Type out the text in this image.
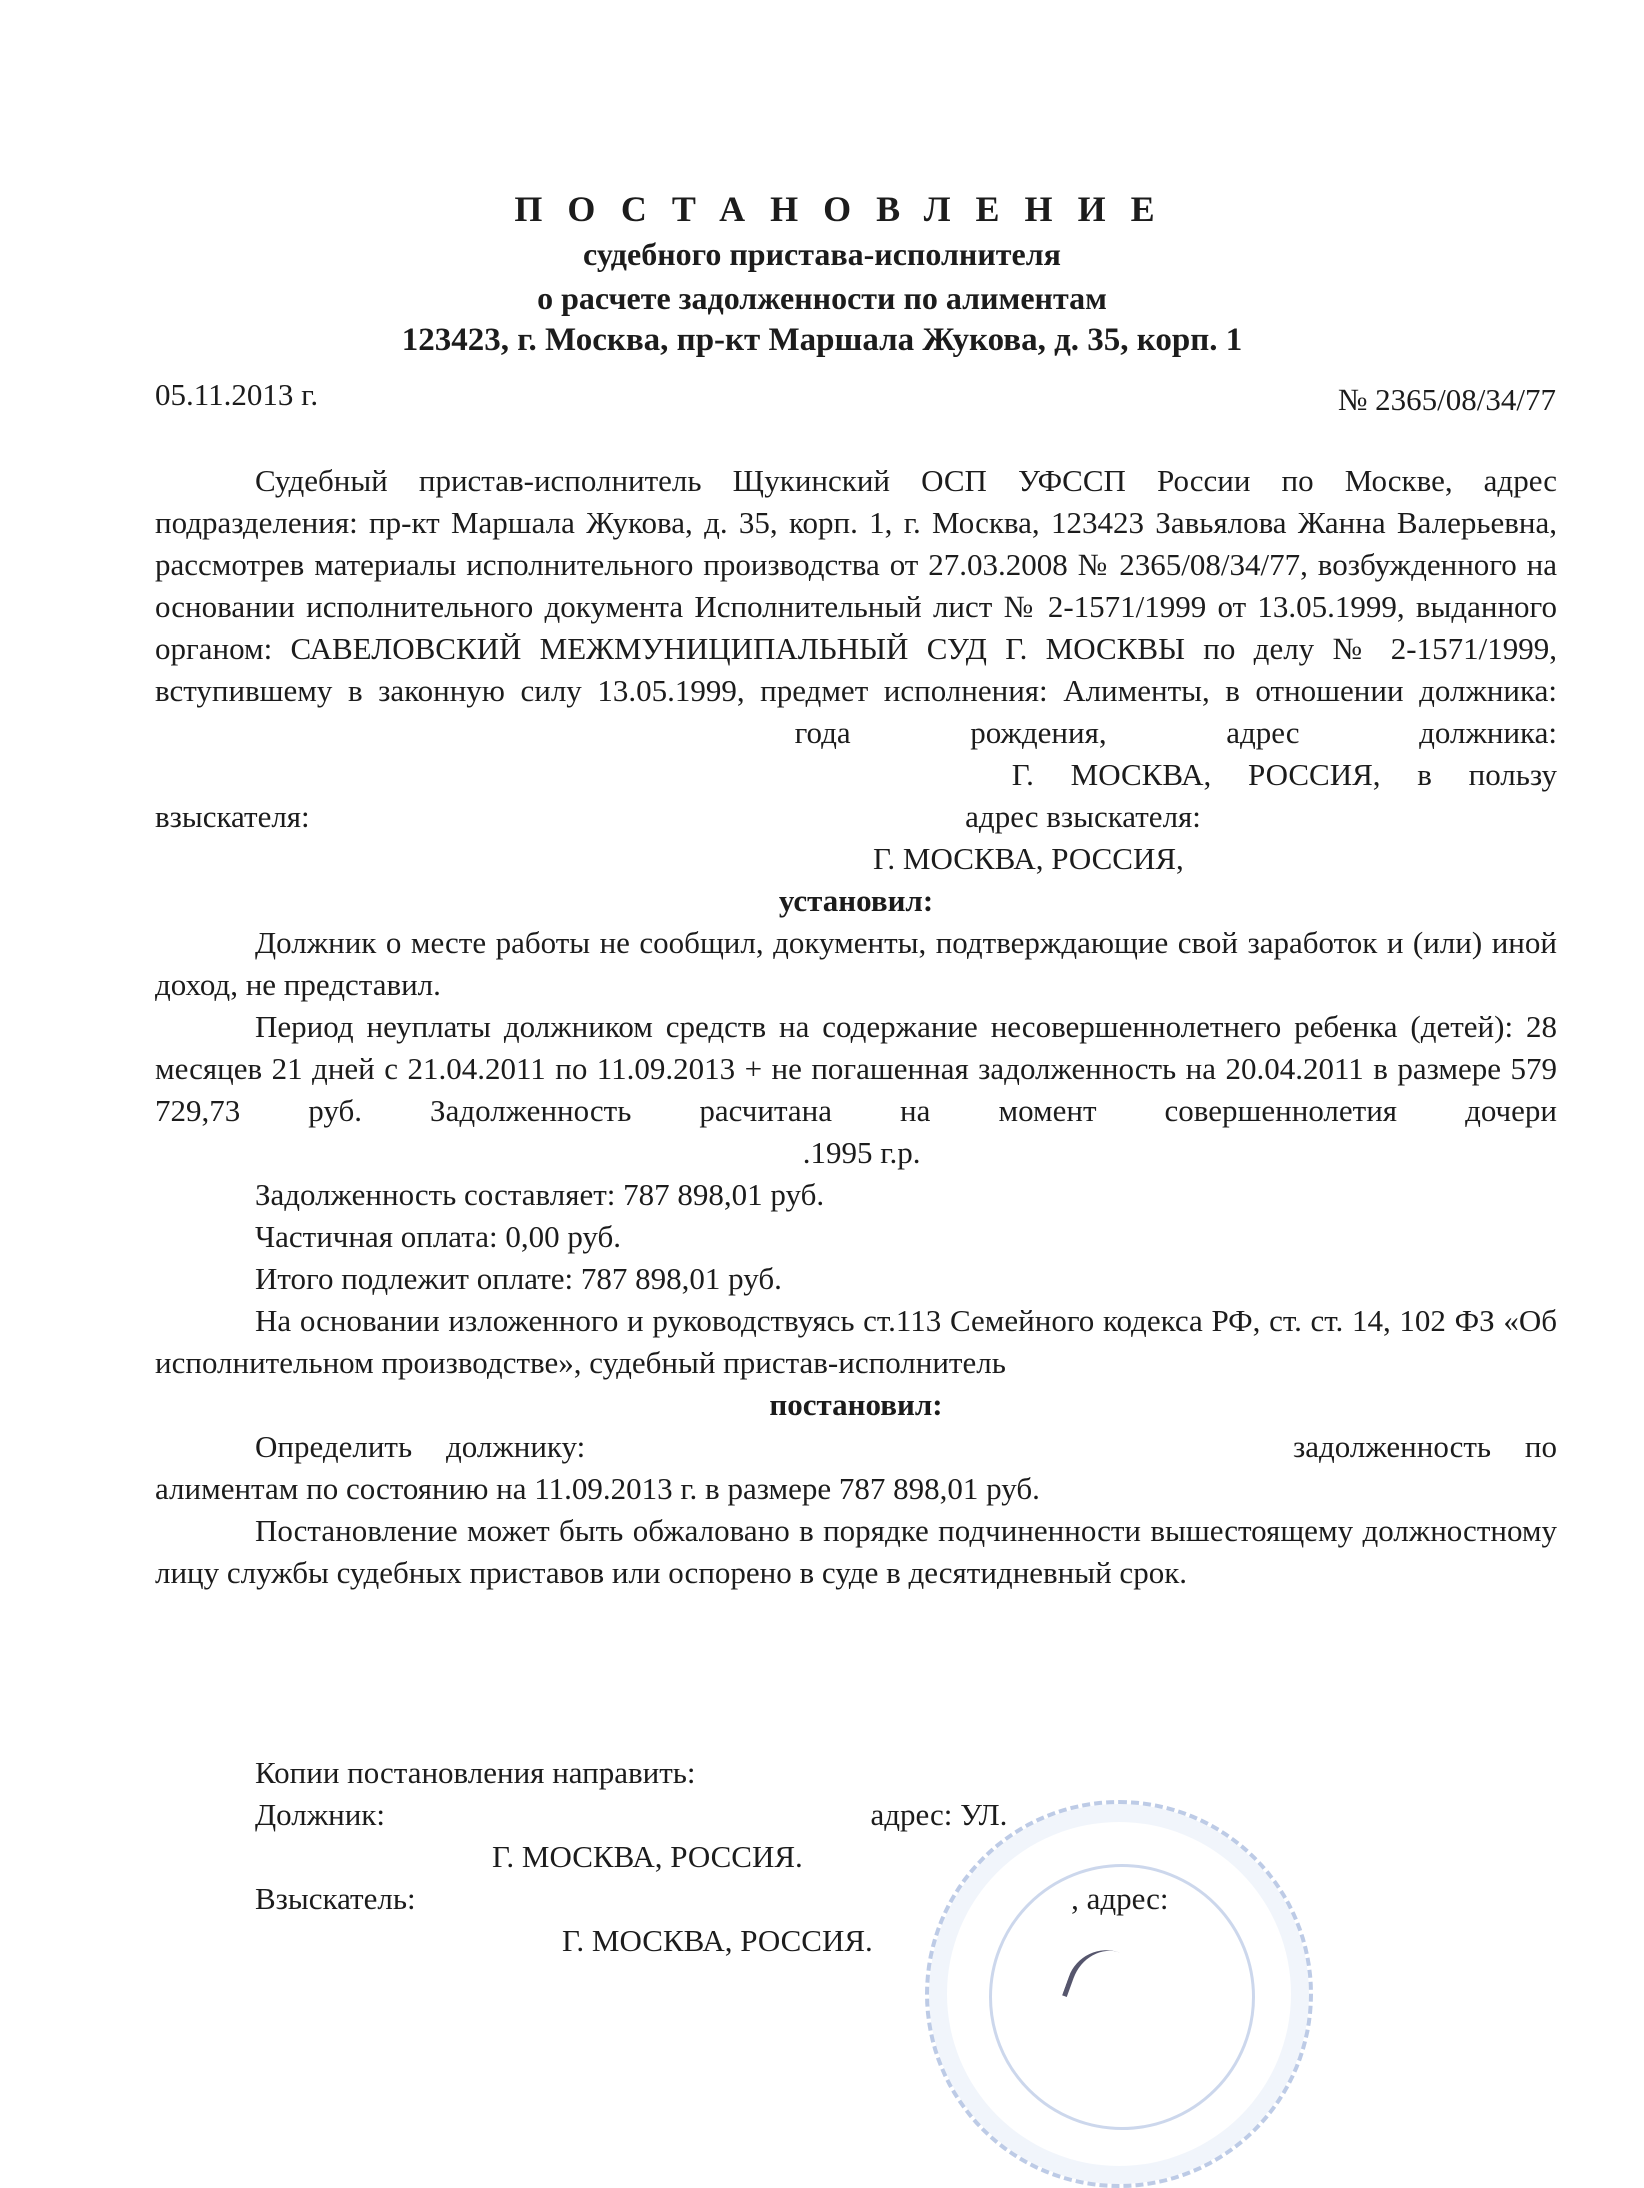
ПОСТАНОВЛЕНИЕ
судебного пристава-исполнителя
о расчете задолженности по алиментам
123423, г. Москва, пр-кт Маршала Жукова, д. 35, корп. 1
05.11.2013 г.	№ 2365/08/34/77

Судебный пристав-исполнитель Щукинский ОСП УФССП России по Москве, адрес подразделения: пр-кт Маршала Жукова, д. 35, корп. 1, г. Москва, 123423 Завьялова Жанна Валерьевна, рассмотрев материалы исполнительного производства от 27.03.2008 № 2365/08/34/77, возбужденного на основании исполнительного документа Исполнительный лист № 2-1571/1999 от 13.05.1999, выданного органом: САВЕЛОВСКИЙ МЕЖМУНИЦИПАЛЬНЫЙ СУД Г. МОСКВЫ по делу № 2-1571/1999, вступившему в законную силу 13.05.1999, предмет исполнения: Алименты, в отношении должника:  года рождения, адрес должника:  Г. МОСКВА, РОССИЯ, в пользу взыскателя:	адрес взыскателя:

Г. МОСКВА, РОССИЯ,

установил:

Должник о месте работы не сообщил, документы, подтверждающие свой заработок и (или) иной доход, не представил.

Период неуплаты должником средств на содержание несовершеннолетнего ребенка (детей): 28 месяцев 21 дней с 21.04.2011 по 11.09.2013 + не погашенная задолженность на 20.04.2011 в размере 579 729,73 руб. Задолженность расчитана на момент совершеннолетия дочери  .1995 г.р.

Задолженность составляет: 787 898,01 руб.

Частичная оплата: 0,00 руб.

Итого подлежит оплате: 787 898,01 руб.

На основании изложенного и руководствуясь ст.113 Семейного кодекса РФ, ст. ст. 14, 102 ФЗ «Об исполнительном производстве», судебный пристав-исполнитель

постановил:

Определить должнику:	задолженность по алиментам по состоянию на 11.09.2013 г. в размере 787 898,01 руб.

Постановление может быть обжаловано в порядке подчиненности вышестоящему должностному лицу службы судебных приставов или оспорено в суде в десятидневный срок.

Копии постановления направить:

Должник:	адрес: УЛ.

Г. МОСКВА, РОССИЯ.

Взыскатель:	, адрес:

Г. МОСКВА, РОССИЯ.
